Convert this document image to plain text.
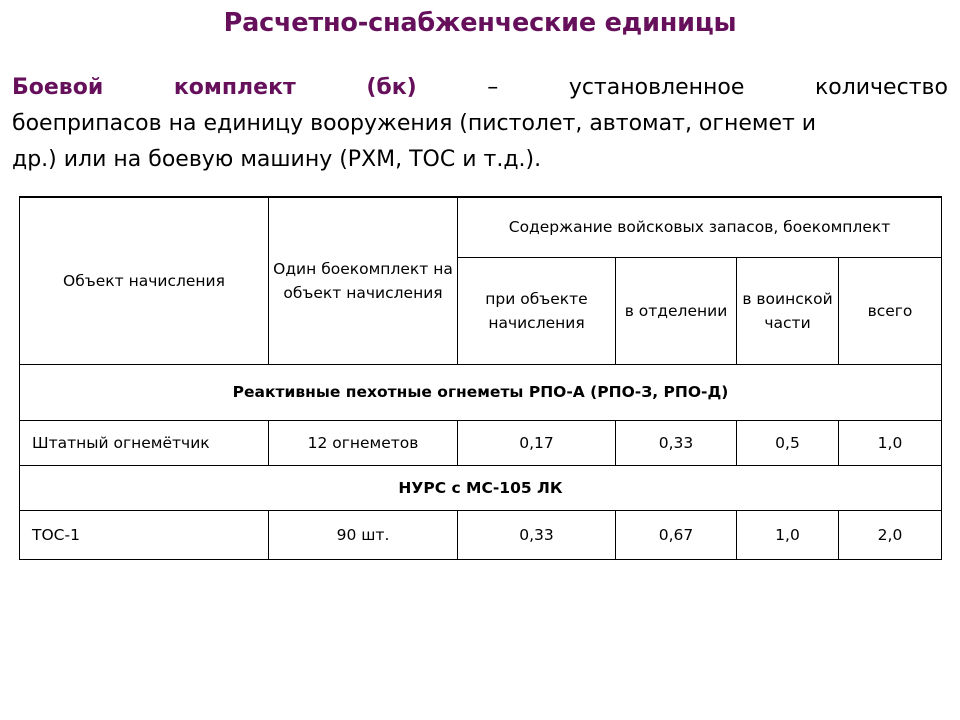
Расчетно-снабженческие единицы
Боевой	комплект	(бк)	–	установленное	количество
боеприпасов на единицу вооружения (пистолет, автомат, огнемет и
др.) или на боевую машину (РХМ, ТОС и т.д.).
Объект начисления	Один боекомплект на объект начисления	Содержание войсковых запасов, боекомплект			
		при объекте начисления	в отделении	в воинской части	всего
Реактивные пехотные огнеметы РПО-А (РПО-З, РПО-Д)					
Штатный огнемётчик	12 огнеметов	0,17	0,33	0,5	1,0
НУРС с МС-105 ЛК					
ТОС-1	90 шт.	0,33	0,67	1,0	2,0
